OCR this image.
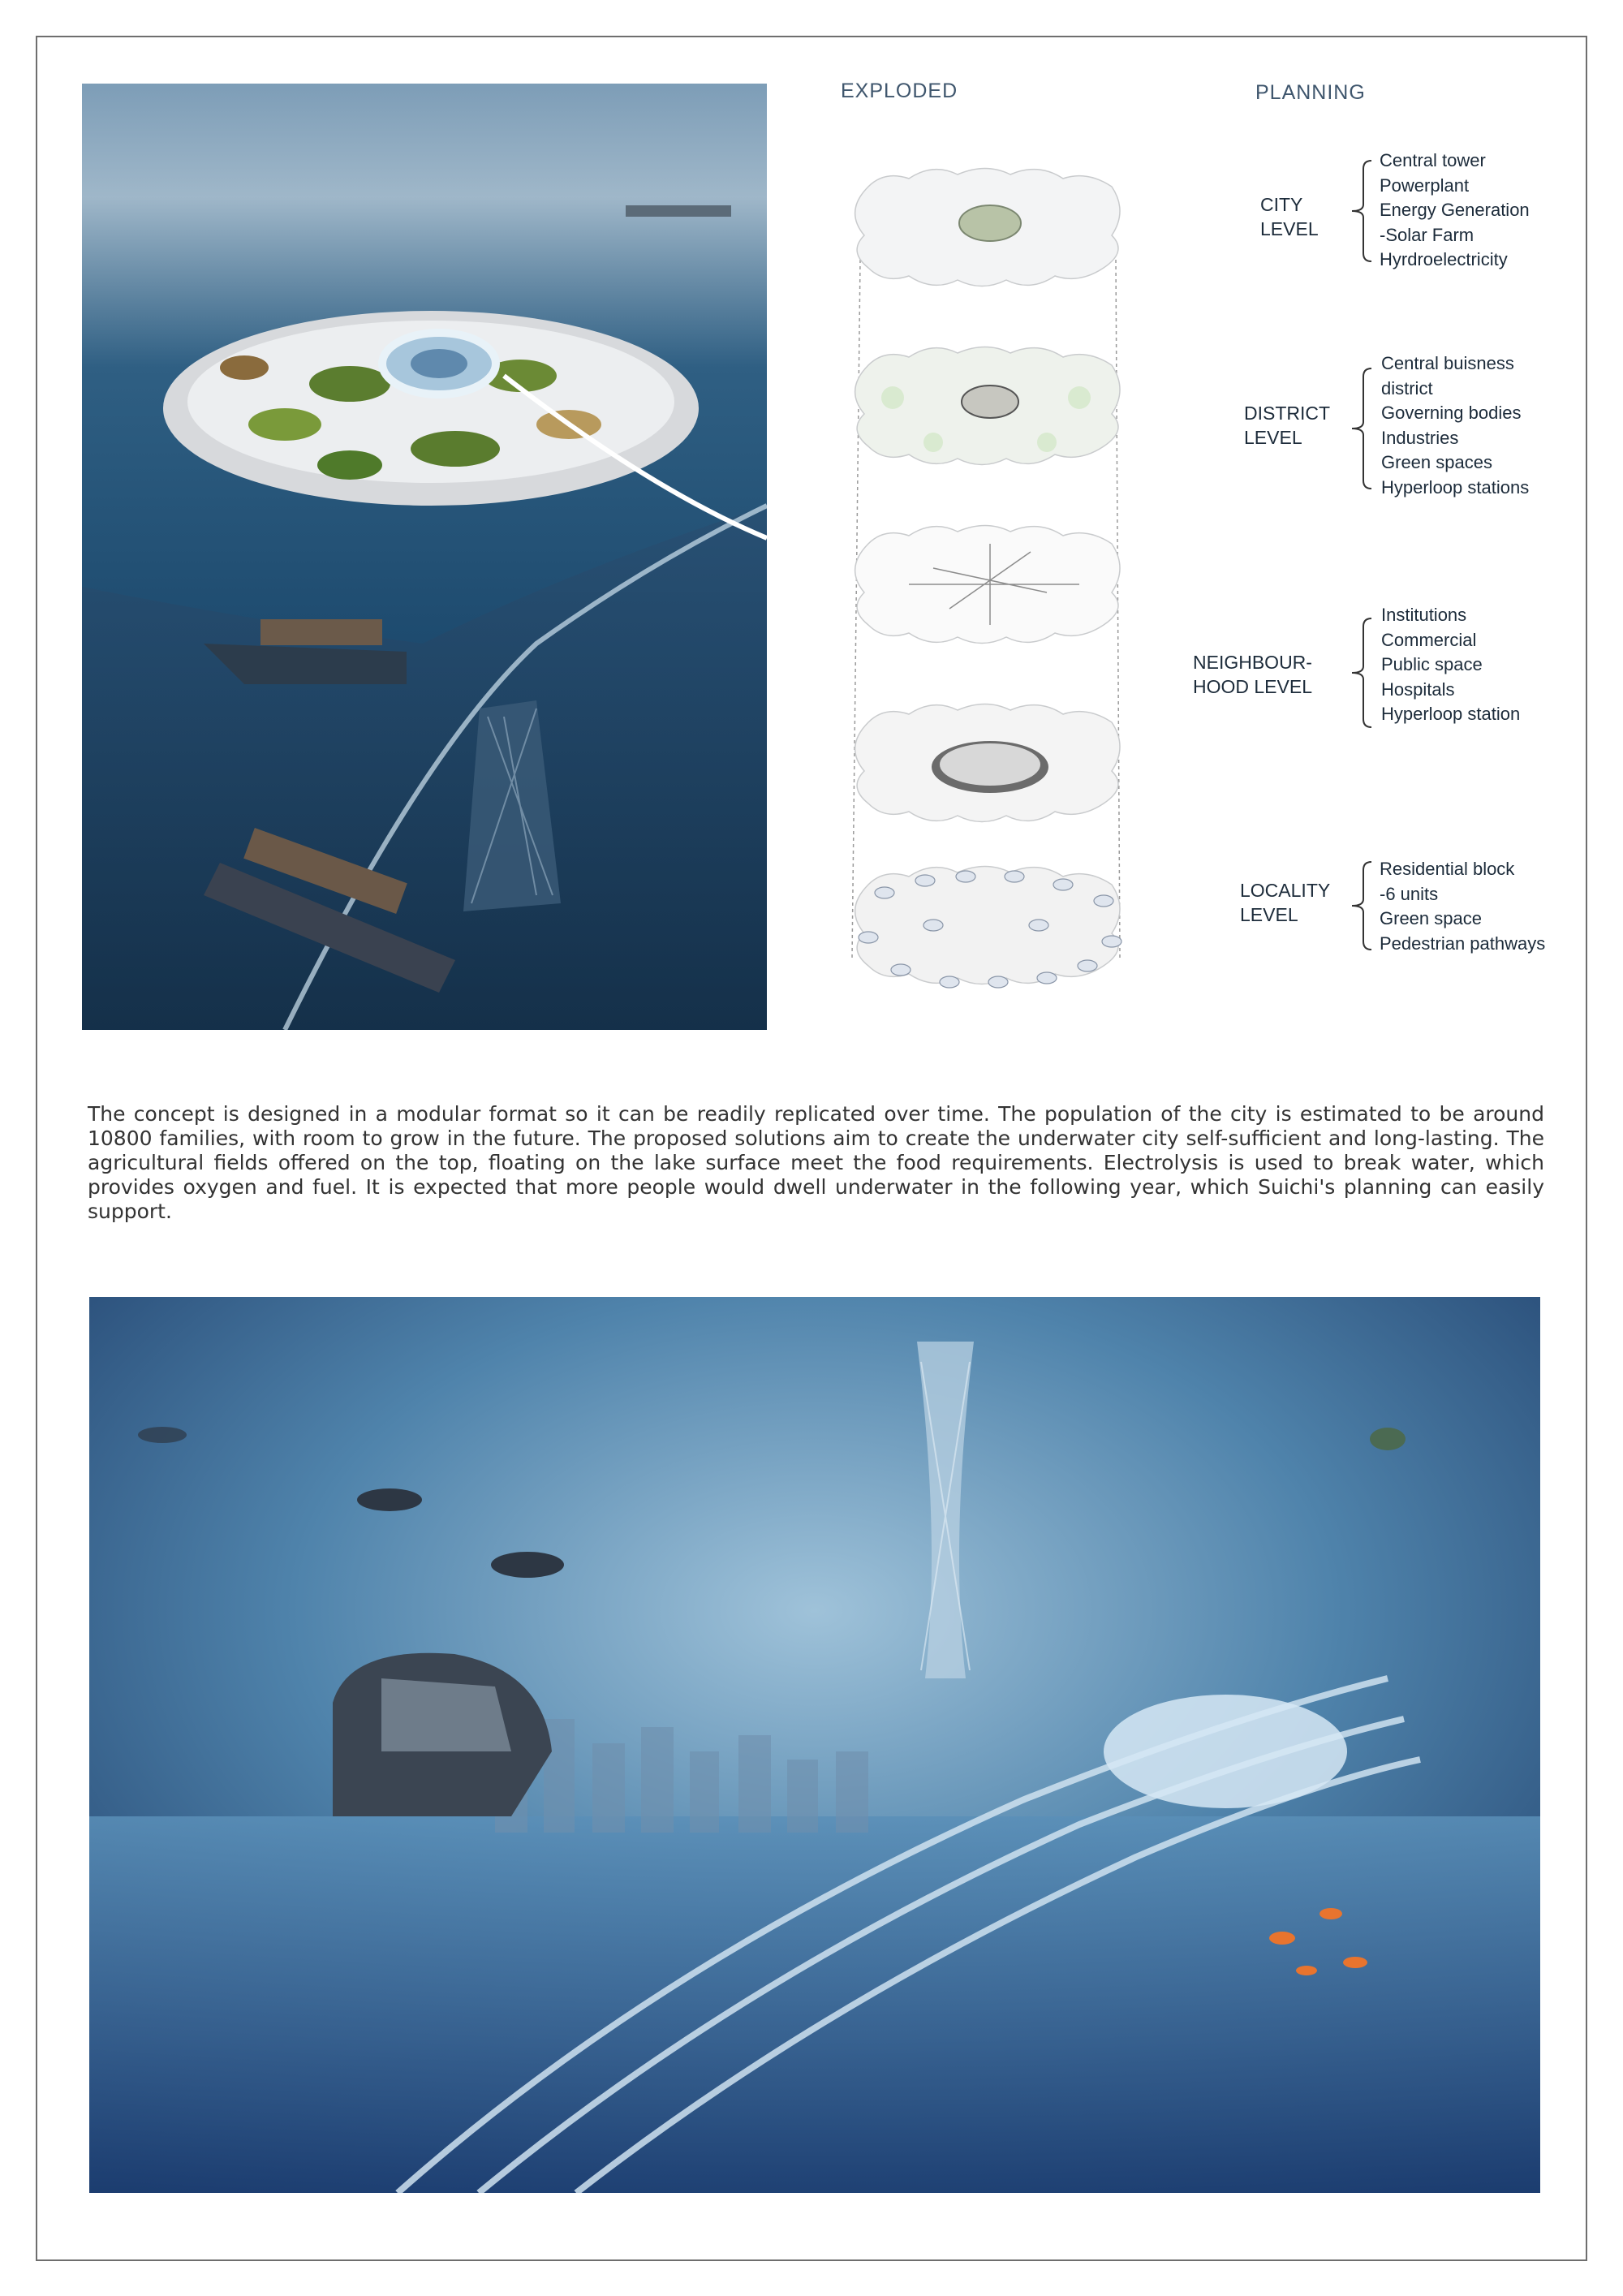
EXPLODED	PLANNING
CITY
LEVEL
Central tower
Powerplant
Energy Generation
-Solar Farm
Hyrdroelectricity
DISTRICT
LEVEL
Central buisness
district
Governing bodies
Industries
Green spaces
Hyperloop stations
NEIGHBOUR-
HOOD LEVEL
Institutions
Commercial
Public space
Hospitals
Hyperloop station
LOCALITY
LEVEL
Residential block
-6 units
Green space
Pedestrian pathways

The concept is designed in a modular format so it can be readily replicated over time. The population of the city is estimated to be around 10800 families, with room to grow in the future. The proposed solutions aim to create the underwater city self-sufficient and long-lasting. The agricultural fields offered on the top, floating on the lake surface meet the food requirements. Electrolysis is used to break water, which provides oxygen and fuel. It is expected that more people would dwell underwater in the following year, which Suichi's planning can easily support.
